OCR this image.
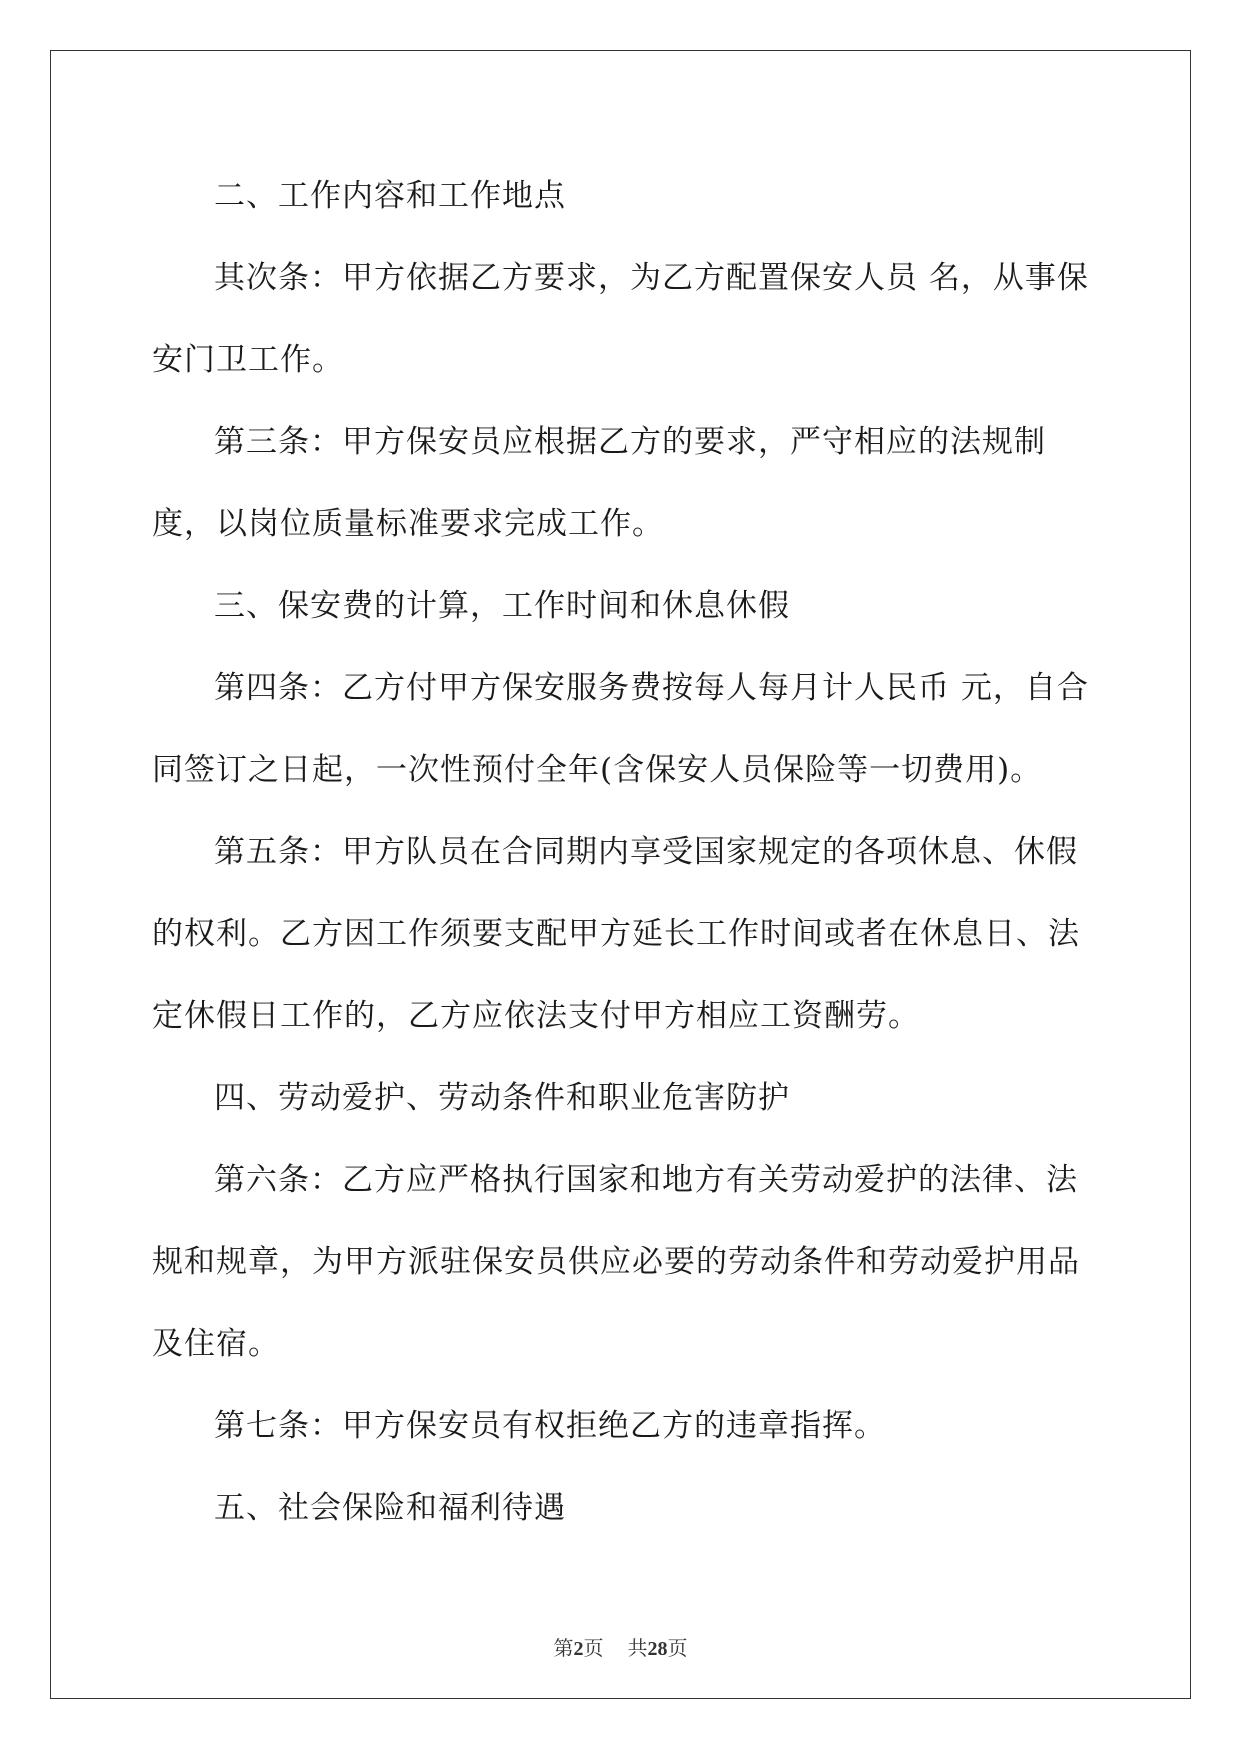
二、工作内容和工作地点

其次条：甲方依据乙方要求，为乙方配置保安人员 名，从事保安门卫工作。

第三条：甲方保安员应根据乙方的要求，严守相应的法规制度，以岗位质量标准要求完成工作。

三、保安费的计算，工作时间和休息休假

第四条：乙方付甲方保安服务费按每人每月计人民币 元，自合同签订之日起，一次性预付全年(含保安人员保险等一切费用)。

第五条：甲方队员在合同期内享受国家规定的各项休息、休假的权利。乙方因工作须要支配甲方延长工作时间或者在休息日、法定休假日工作的，乙方应依法支付甲方相应工资酬劳。

四、劳动爱护、劳动条件和职业危害防护

第六条：乙方应严格执行国家和地方有关劳动爱护的法律、法规和规章，为甲方派驻保安员供应必要的劳动条件和劳动爱护用品及住宿。

第七条：甲方保安员有权拒绝乙方的违章指挥。

五、社会保险和福利待遇

第2页 共28页
